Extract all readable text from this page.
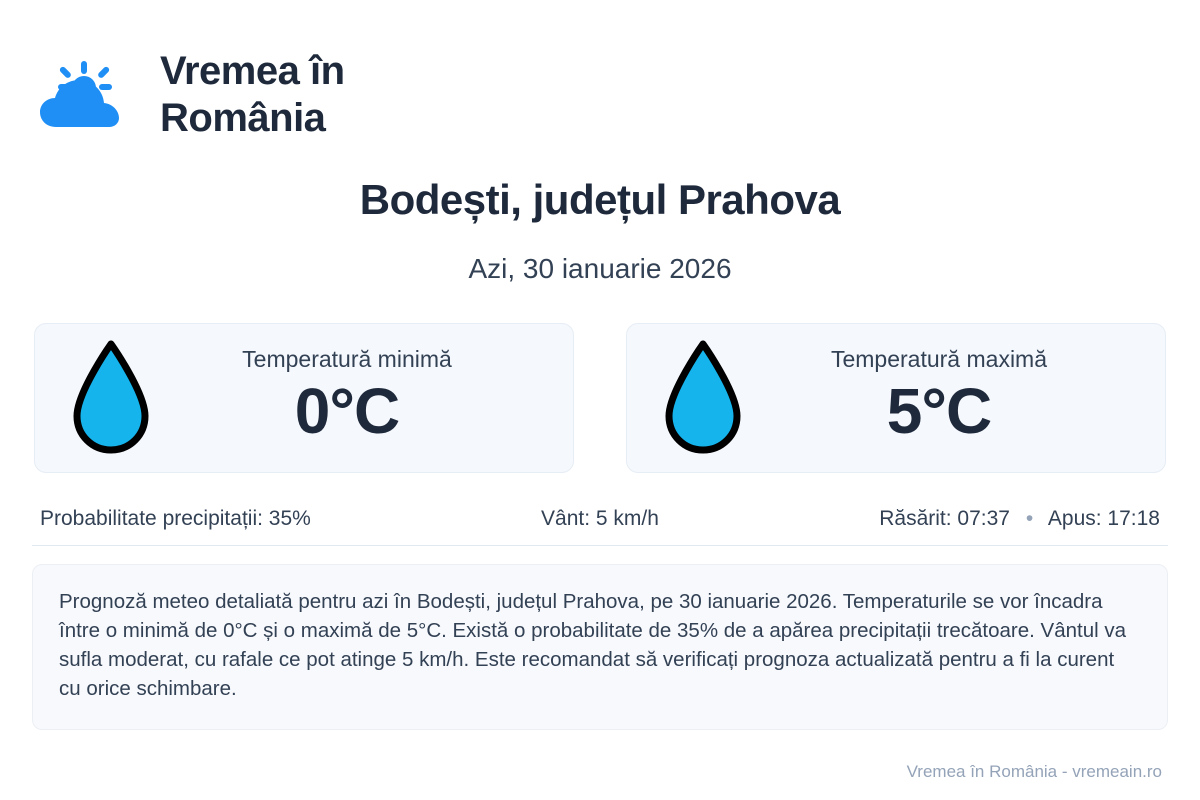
Vremea în România
Bodești, județul Prahova
Azi, 30 ianuarie 2026
Temperatură minimă
0°C
Temperatură maximă
5°C
Probabilitate precipitații: 35%	Vânt: 5 km/h	Răsărit: 07:37 • Apus: 17:18
Prognoză meteo detaliată pentru azi în Bodești, județul Prahova, pe 30 ianuarie 2026. Temperaturile se vor încadra între o minimă de 0°C și o maximă de 5°C. Există o probabilitate de 35% de a apărea precipitații trecătoare. Vântul va sufla moderat, cu rafale ce pot atinge 5 km/h. Este recomandat să verificați prognoza actualizată pentru a fi la curent cu orice schimbare.
Vremea în România - vremeain.ro
